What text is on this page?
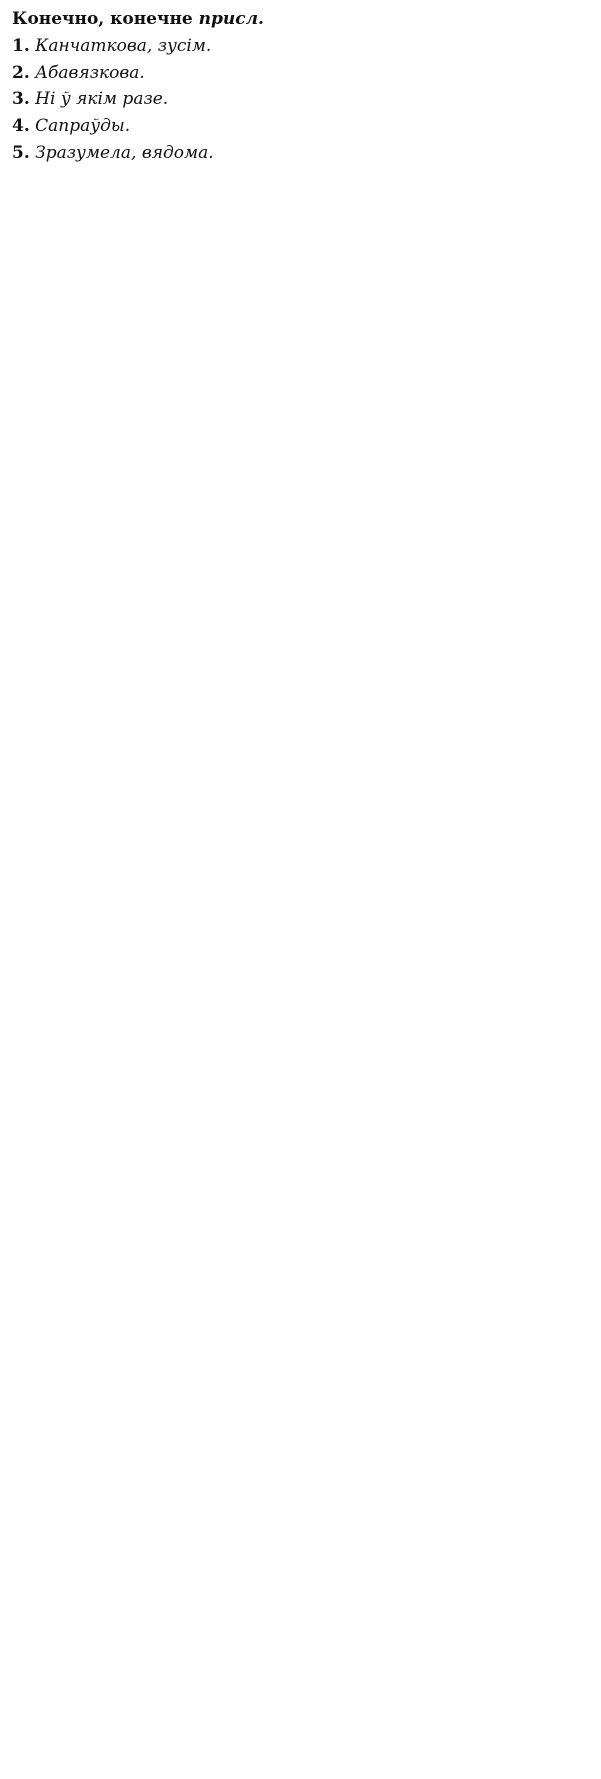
Конечно, конечне присл.
1. Канчаткова, зусім.
2. Абавязкова.
3. Ні ў якім разе.
4. Сапраўды.
5. Зразумела, вядома.
